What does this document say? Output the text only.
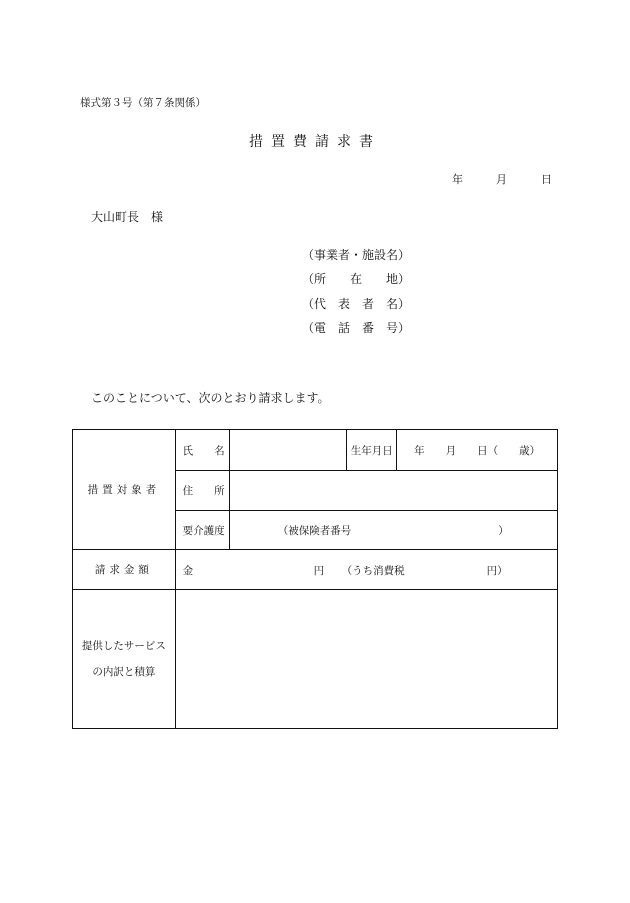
様式第３号（第７条関係）
措置費請求書
年	月	日
大山町長　様
（事業者・施設名）
（所在地）
（代表者名）
（電話番号）
このことについて、次のとおり請求します。
措置対象者	氏　　名		生年月日	年　　月　　日（　　歳）
	住　　所			
	要介護度	（被保険者番号　　　　　　　　　　　　　　）		
請求金額	金 円 （うち消費税 円）			

提供したサービス
の内訳と積算				
